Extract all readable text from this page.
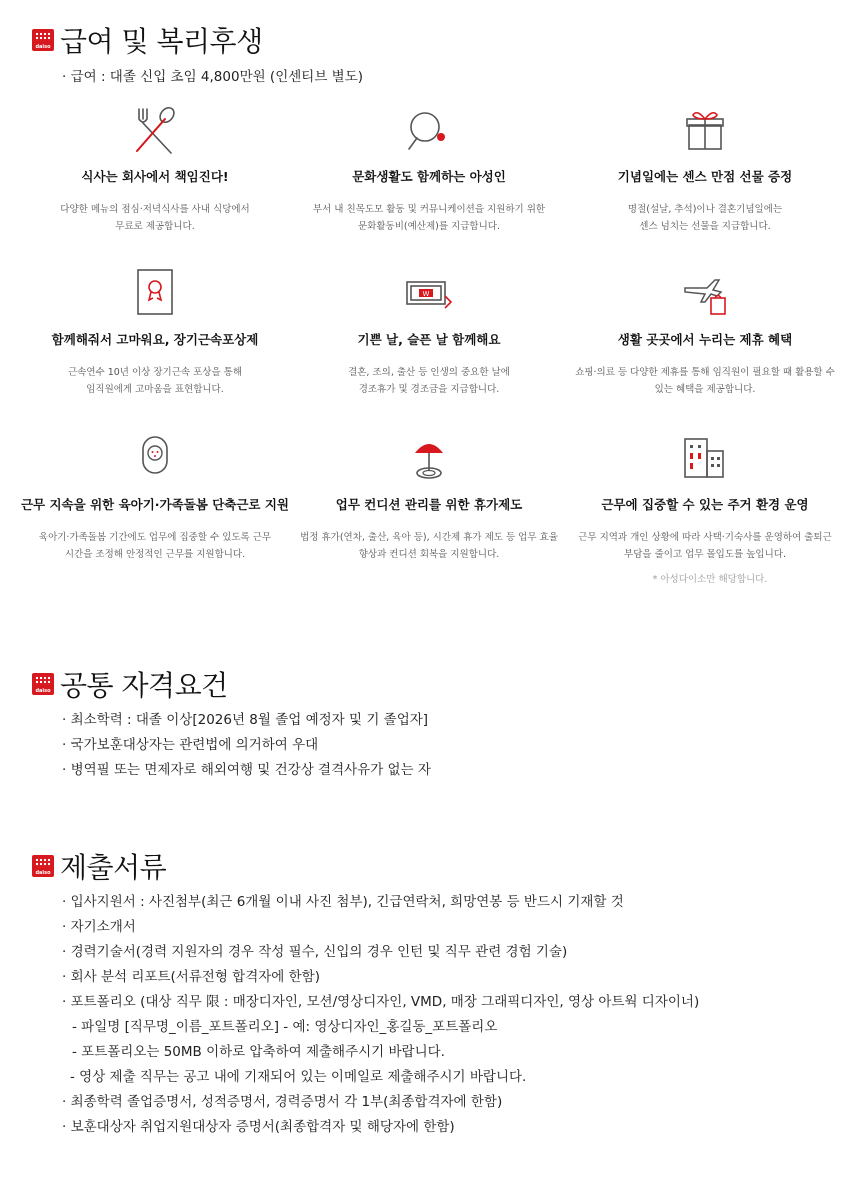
daiso 급여 및 복리후생
· 급여 : 대졸 신입 초임 4,800만원 (인센티브 별도)
식사는 회사에서 책임진다!
다양한 메뉴의 점심·저녁식사를 사내 식당에서
무료로 제공합니다.
문화생활도 함께하는 아성인
부서 내 친목도모 활동 및 커뮤니케이션을 지원하기 위한
문화활동비(예산제)를 지급합니다.
기념일에는 센스 만점 선물 증정
명절(설날, 추석)이나 결혼기념일에는
센스 넘치는 선물을 지급합니다.
함께해줘서 고마워요, 장기근속포상제
근속연수 10년 이상 장기근속 포상을 통해
임직원에게 고마움을 표현합니다.
W
기쁜 날, 슬픈 날 함께해요
결혼, 조의, 출산 등 인생의 중요한 날에
경조휴가 및 경조금을 지급합니다.
생활 곳곳에서 누리는 제휴 혜택
쇼핑·의료 등 다양한 제휴를 통해 임직원이 필요할 때 활용할 수
있는 혜택을 제공합니다.
근무 지속을 위한 육아기·가족돌봄 단축근로 지원
육아기·가족돌봄 기간에도 업무에 집중할 수 있도록 근무
시간을 조정해 안정적인 근무를 지원합니다.
업무 컨디션 관리를 위한 휴가제도
법정 휴가(연차, 출산, 육아 등), 시간제 휴가 제도 등 업무 효율
향상과 컨디션 회복을 지원합니다.
근무에 집중할 수 있는 주거 환경 운영
근무 지역과 개인 상황에 따라 사택·기숙사를 운영하여 출퇴근
부담을 줄이고 업무 몰입도를 높입니다.
* 아성다이소만 해당합니다.
daiso 공통 자격요건
· 최소학력 : 대졸 이상[2026년 8월 졸업 예정자 및 기 졸업자]
· 국가보훈대상자는 관련법에 의거하여 우대
· 병역필 또는 면제자로 해외여행 및 건강상 결격사유가 없는 자
daiso 제출서류
· 입사지원서 : 사진첨부(최근 6개월 이내 사진 첨부), 긴급연락처, 희망연봉 등 반드시 기재할 것
· 자기소개서
· 경력기술서(경력 지원자의 경우 작성 필수, 신입의 경우 인턴 및 직무 관련 경험 기술)
· 회사 분석 리포트(서류전형 합격자에 한함)
· 포트폴리오 (대상 직무 限 : 매장디자인, 모션/영상디자인, VMD, 매장 그래픽디자인, 영상 아트웍 디자이너)
- 파일명 [직무명_이름_포트폴리오] - 예: 영상디자인_홍길동_포트폴리오
- 포트폴리오는 50MB 이하로 압축하여 제출해주시기 바랍니다.
- 영상 제출 직무는 공고 내에 기재되어 있는 이메일로 제출해주시기 바랍니다.
· 최종학력 졸업증명서, 성적증명서, 경력증명서 각 1부(최종합격자에 한함)
· 보훈대상자 취업지원대상자 증명서(최종합격자 및 해당자에 한함)
